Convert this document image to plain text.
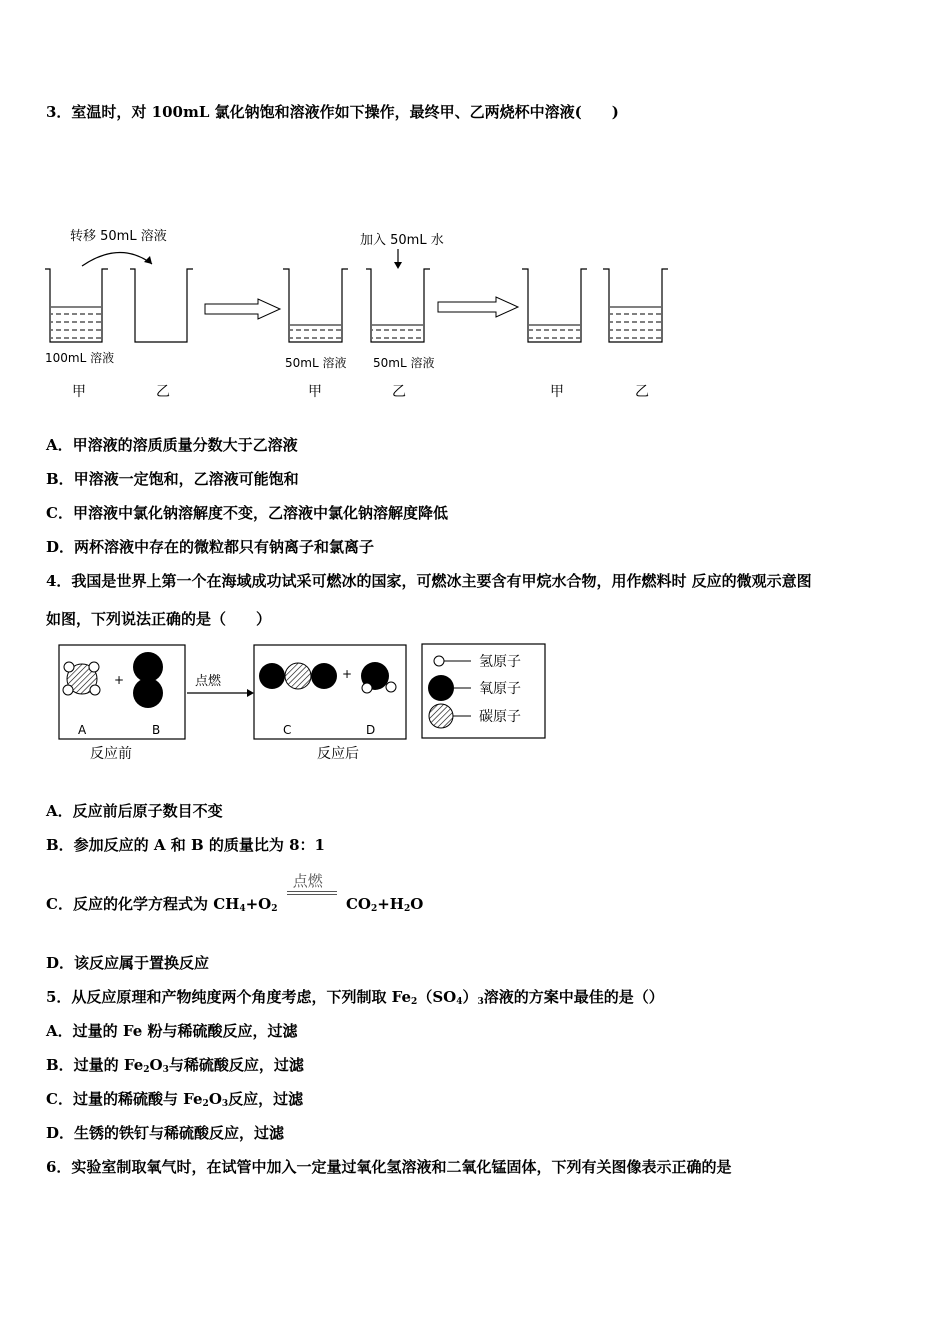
3．室温时，对 100mL 氯化钠饱和溶液作如下操作，最终甲、乙两烧杯中溶液(　　)
转移 50mL 溶液
100mL 溶液
甲	乙
50mL 溶液
甲
加入 50mL 水
50mL 溶液
乙	甲	乙
A．甲溶液的溶质质量分数大于乙溶液
B．甲溶液一定饱和，乙溶液可能饱和
C．甲溶液中氯化钠溶解度不变，乙溶液中氯化钠溶解度降低
D．两杯溶液中存在的微粒都只有钠离子和氯离子
4．我国是世界上第一个在海域成功试采可燃冰的国家，可燃冰主要含有甲烷水合物，用作燃料时 反应的微观示意图
如图，下列说法正确的是（　　）
+
A	B
反应前
点燃	+
C	D
反应后
氢原子
氧原子
碳原子
A．反应前后原子数目不变
B．参加反应的 A 和 B 的质量比为 8：1
C．反应的化学方程式为 $CH_4+O_2$
点燃
$CO_2+H_2O$
D．该反应属于置换反应
5．从反应原理和产物纯度两个角度考虑，下列制取 $Fe_2(SO_4)_3$溶液的方案中最佳的是（）
A．过量的 Fe 粉与稀硫酸反应，过滤
B．过量的 $Fe_2O_3$与稀硫酸反应，过滤
C．过量的稀硫酸与 $Fe_2O_3$反应，过滤
D．生锈的铁钉与稀硫酸反应，过滤
6．实验室制取氧气时，在试管中加入一定量过氧化氢溶液和二氧化锰固体，下列有关图像表示正确的是
